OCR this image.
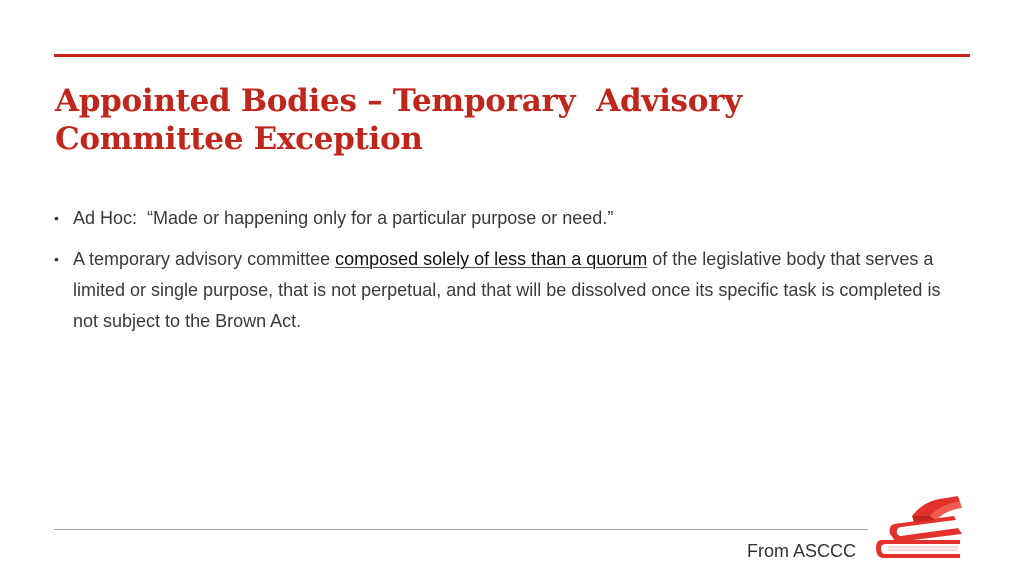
Appointed Bodies – Temporary  Advisory
Committee Exception
• Ad Hoc:  “Made or happening only for a particular purpose or need.”
• A temporary advisory committee composed solely of less than a quorum of the legislative body that serves a limited or single purpose, that is not perpetual, and that will be dissolved once its specific task is completed is not subject to the Brown Act.
From ASCCC
